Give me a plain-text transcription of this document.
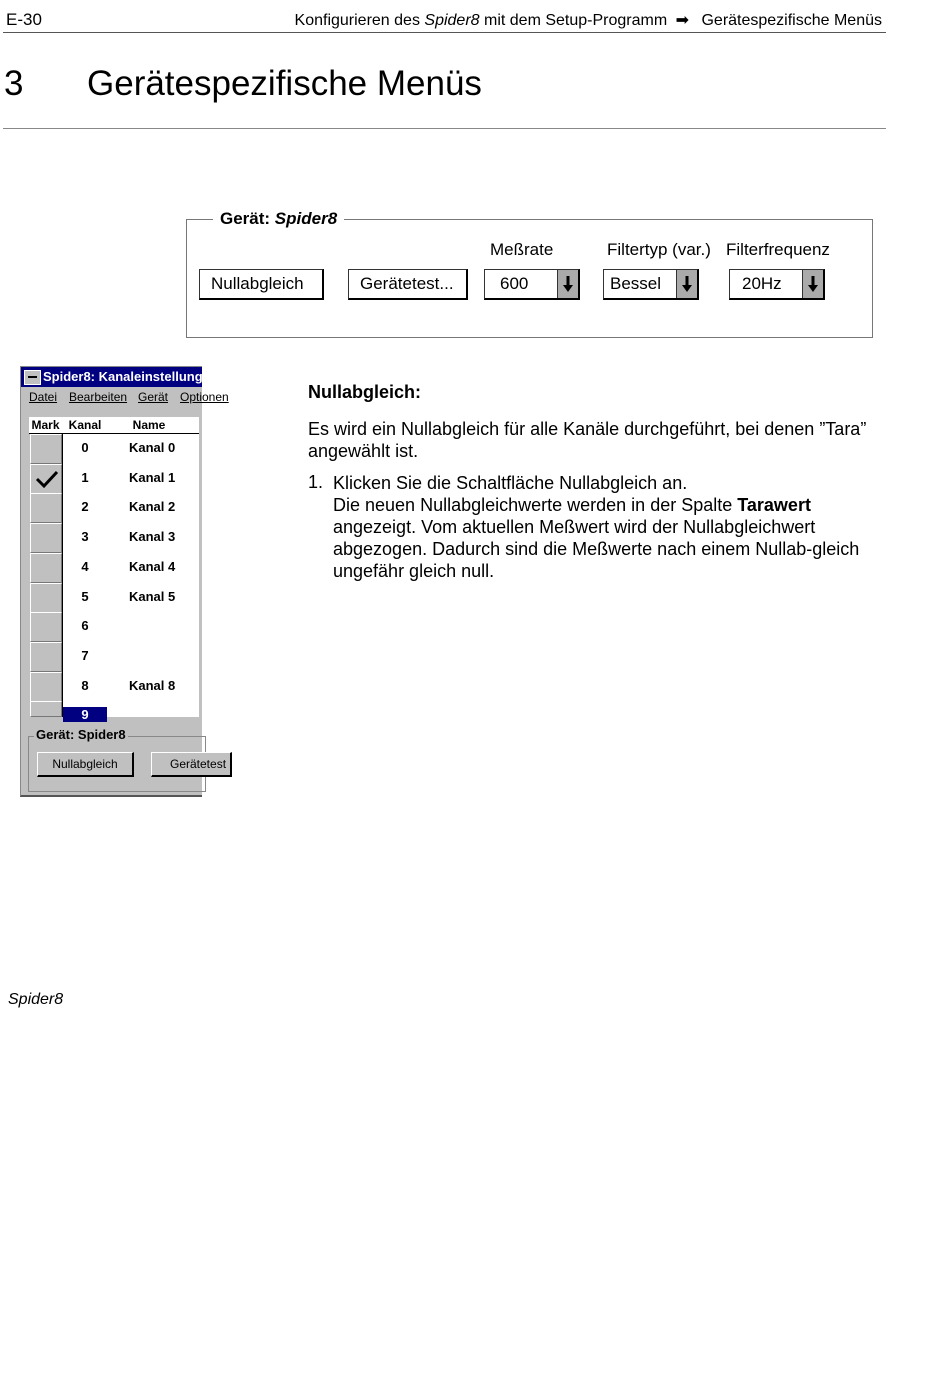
E-30	Konfigurieren des Spider8 mit dem Setup-Programm ➡ Gerätespezifische Menüs
3 Gerätespezifische Menüs
Gerät: Spider8
Meßrate	Filtertyp (var.) Filterfrequenz
Nullabgleich	Gerätetest...	600	Bessel	20Hz
Spider8: Kanaleinstellungen
Datei Bearbeiten Gerät Optionen
Mark Kanal	Name
0	Kanal 0
1	Kanal 1
2	Kanal 2
3	Kanal 3
4	Kanal 4
5	Kanal 5
6
7
8	Kanal 8
9
Gerät: Spider8
Nullabgleich	Gerätetest
Nullabgleich:
Es wird ein Nullabgleich für alle Kanäle durchgeführt, bei denen ”Tara” angewählt ist.
1. Klicken Sie die Schaltfläche Nullabgleich an.
Die neuen Nullabgleichwerte werden in der Spalte Tarawert angezeigt. Vom aktuellen Meßwert wird der Nullabgleichwert abgezogen. Dadurch sind die Meßwerte nach einem Nullab-gleich ungefähr gleich null.
Spider8
